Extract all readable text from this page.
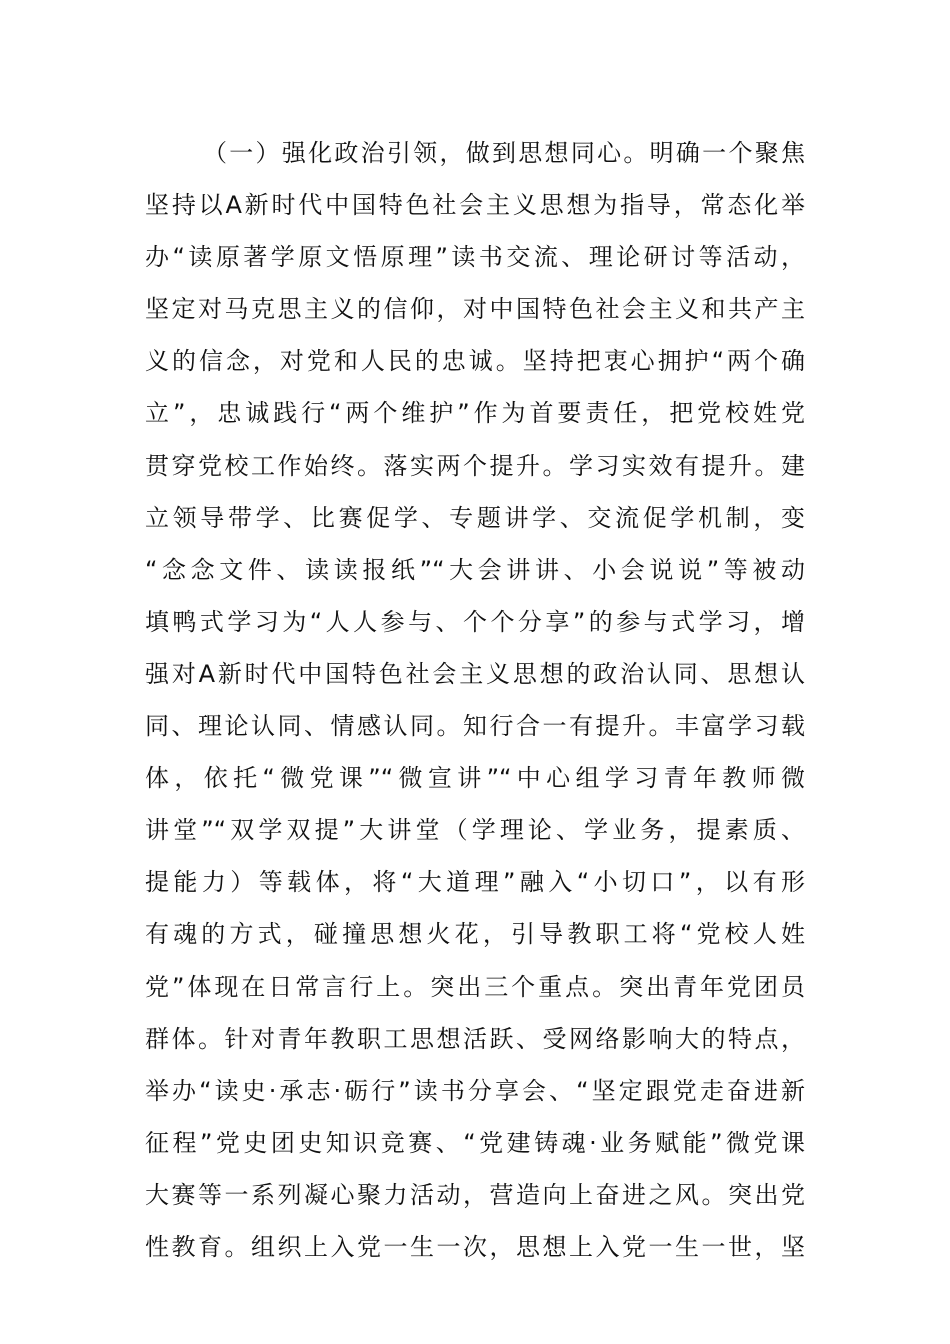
（一）强化政治引领，做到思想同心。明确一个聚焦
坚持以A新时代中国特色社会主义思想为指导，常态化举
办“读原著学原文悟原理”读书交流、理论研讨等活动，
坚定对马克思主义的信仰，对中国特色社会主义和共产主
义的信念，对党和人民的忠诚。坚持把衷心拥护“两个确
立”，忠诚践行“两个维护”作为首要责任，把党校姓党
贯穿党校工作始终。落实两个提升。学习实效有提升。建
立领导带学、比赛促学、专题讲学、交流促学机制，变
“念念文件、读读报纸”“大会讲讲、小会说说”等被动
填鸭式学习为“人人参与、个个分享”的参与式学习，增
强对A新时代中国特色社会主义思想的政治认同、思想认
同、理论认同、情感认同。知行合一有提升。丰富学习载
体，依托“微党课”“微宣讲”“中心组学习青年教师微
讲堂”“双学双提”大讲堂（学理论、学业务，提素质、
提能力）等载体，将“大道理”融入“小切口”，以有形
有魂的方式，碰撞思想火花，引导教职工将“党校人姓
党”体现在日常言行上。突出三个重点。突出青年党团员
群体。针对青年教职工思想活跃、受网络影响大的特点，
举办“读史·承志·砺行”读书分享会、“坚定跟党走奋进新
征程”党史团史知识竞赛、“党建铸魂·业务赋能”微党课
大赛等一系列凝心聚力活动，营造向上奋进之风。突出党
性教育。组织上入党一生一次，思想上入党一生一世，坚
